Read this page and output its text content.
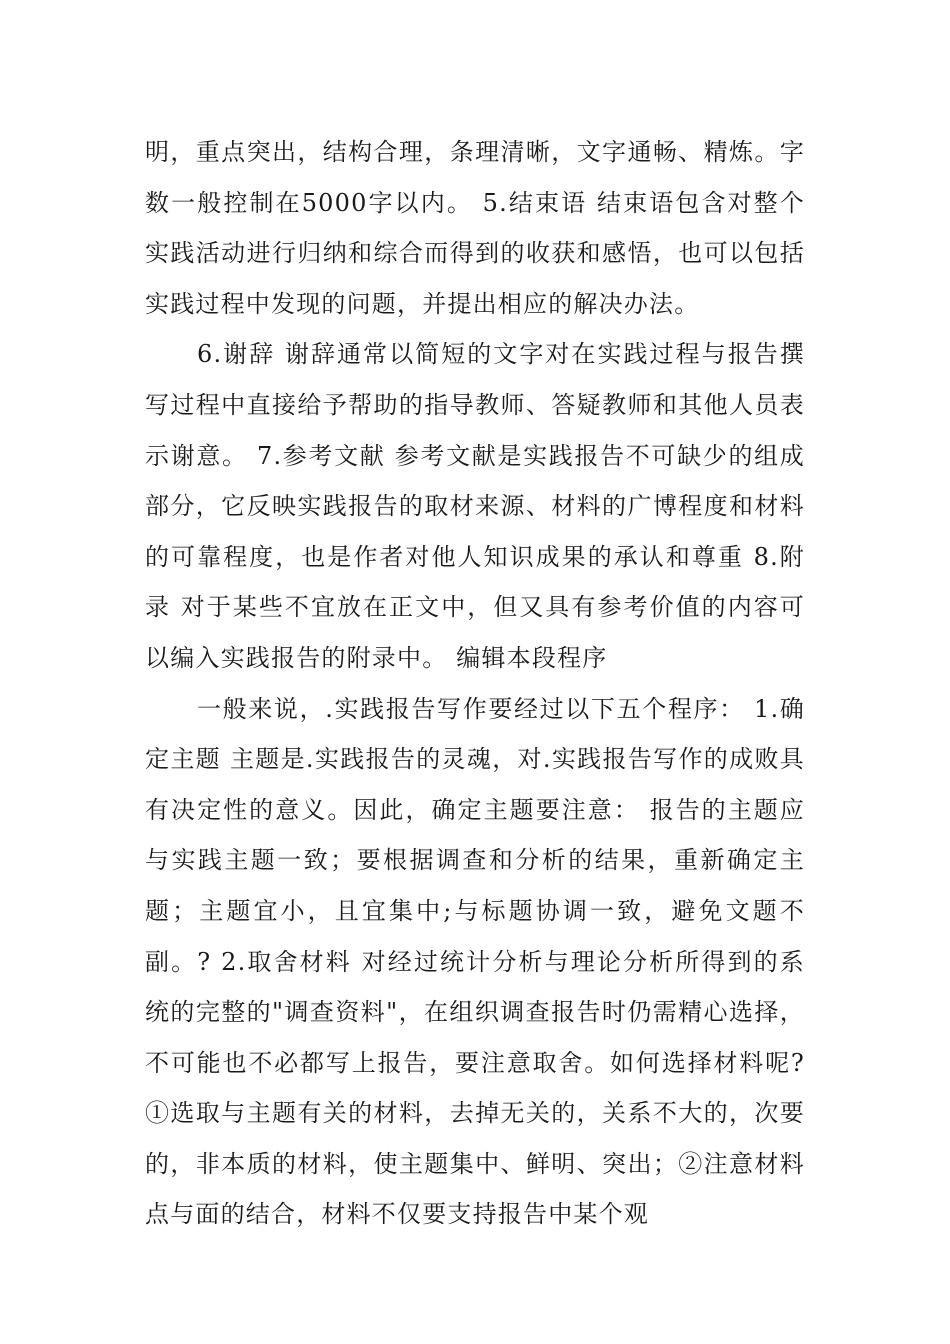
明，重点突出，结构合理，条理清晰，文字通畅、精炼。字数一般控制在5000字以内。 5.结束语 结束语包含对整个实践活动进行归纳和综合而得到的收获和感悟，也可以包括实践过程中发现的问题，并提出相应的解决办法。

6.谢辞 谢辞通常以简短的文字对在实践过程与报告撰写过程中直接给予帮助的指导教师、答疑教师和其他人员表示谢意。 7.参考文献 参考文献是实践报告不可缺少的组成部分，它反映实践报告的取材来源、材料的广博程度和材料的可靠程度，也是作者对他人知识成果的承认和尊重 8.附录 对于某些不宜放在正文中，但又具有参考价值的内容可以编入实践报告的附录中。 编辑本段程序

一般来说，.实践报告写作要经过以下五个程序： 1.确定主题 主题是.实践报告的灵魂，对.实践报告写作的成败具有决定性的意义。因此，确定主题要注意： 报告的主题应与实践主题一致；要根据调查和分析的结果，重新确定主题；主题宜小，且宜集中;与标题协调一致，避免文题不副。? 2.取舍材料 对经过统计分析与理论分析所得到的系统的完整的"调查资料"，在组织调查报告时仍需精心选择，不可能也不必都写上报告，要注意取舍。如何选择材料呢? ①选取与主题有关的材料，去掉无关的，关系不大的，次要的，非本质的材料，使主题集中、鲜明、突出；②注意材料点与面的结合，材料不仅要支持报告中某个观
